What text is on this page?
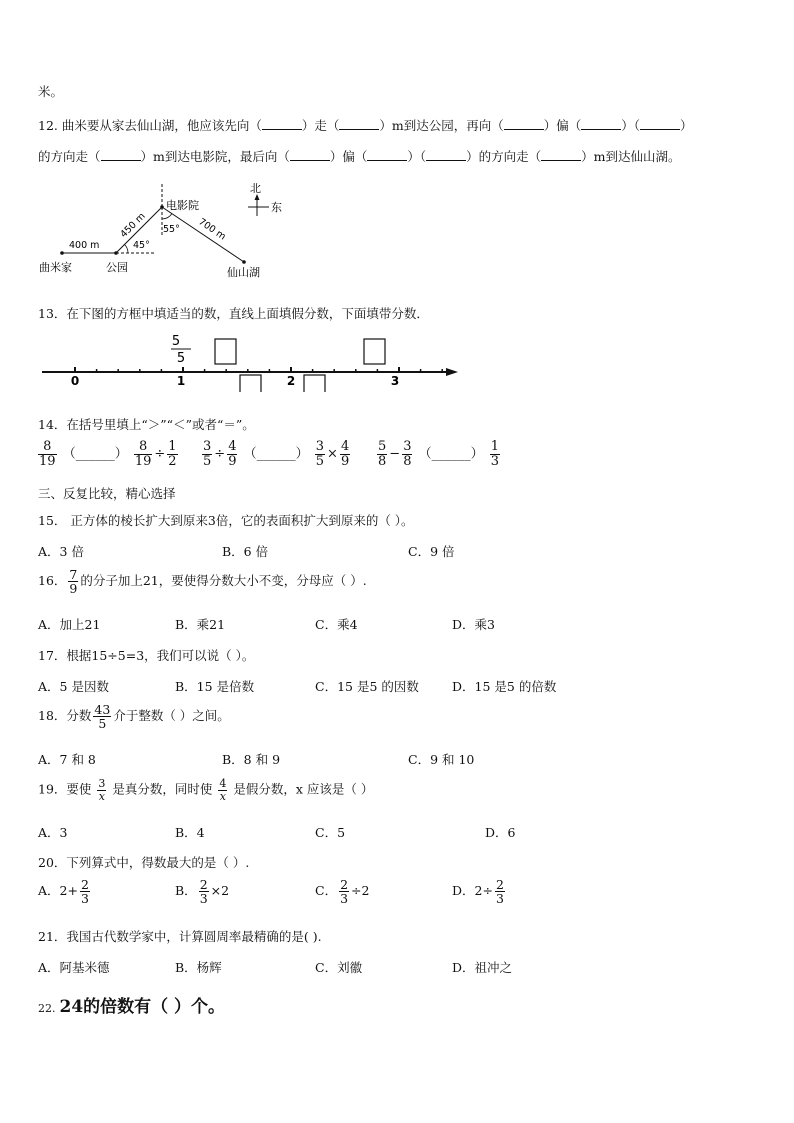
米。
12. 曲米要从家去仙山湖，他应该先向（	）走（	）m到达公园，再向（	）偏（	）（	）
的方向走（	）m到达电影院，最后向（	）偏（	）（	）的方向走（	）m到达仙山湖。
400 m
450 m	700 m
45°
55°
电影院
曲米家	公园	仙山湖
北
东
13．在下图的方框中填适当的数，直线上面填假分数，下面填带分数．
5
5
0	1	2	3
14．在括号里填上“＞”“＜”或者“＝”。
$\frac{8}{19}$ （______） $\frac{8}{19} \div \frac{1}{2} \frac{3}{5} \div \frac{4}{9}$ （______） $\frac{3}{5} \times \frac{4}{9} \frac{5}{8} - \frac{3}{8}$ （______） $\frac{1}{3}$
三、反复比较，精心选择
15． 正方体的棱长扩大到原来3倍，它的表面积扩大到原来的（ ）。
A．3 倍	B．6 倍	C．9 倍
16． $\frac{7}{9}$ 的分子加上21，要使得分数大小不变，分母应（ ）.
A．加上21	B．乘21	C．乘4	D．乘3
17．根据15÷5=3，我们可以说（ ）。
A．5 是因数	B．15 是倍数	C．15 是5 的因数	D．15 是5 的倍数
18．分数 $\frac{43}{5}$ 介于整数（ ）之间。
A．7 和 8	B．8 和 9	C．9 和 10
19．要使 $\frac{3}{x}$ 是真分数，同时使 $\frac{4}{x}$ 是假分数，x 应该是（ ）
A．3	B．4	C．5	D．6
20．下列算式中，得数最大的是（ ）.
A．$2+ \frac{2}{3}$	B． $\frac{2}{3} \times 2$	C． $\frac{2}{3} \div 2$	D．$2\div \frac{2}{3}$
21．我国古代数学家中，计算圆周率最精确的是( ).
A．阿基米德	B．杨辉	C．刘徽	D．祖冲之
22. 24的倍数有（ ）个。
